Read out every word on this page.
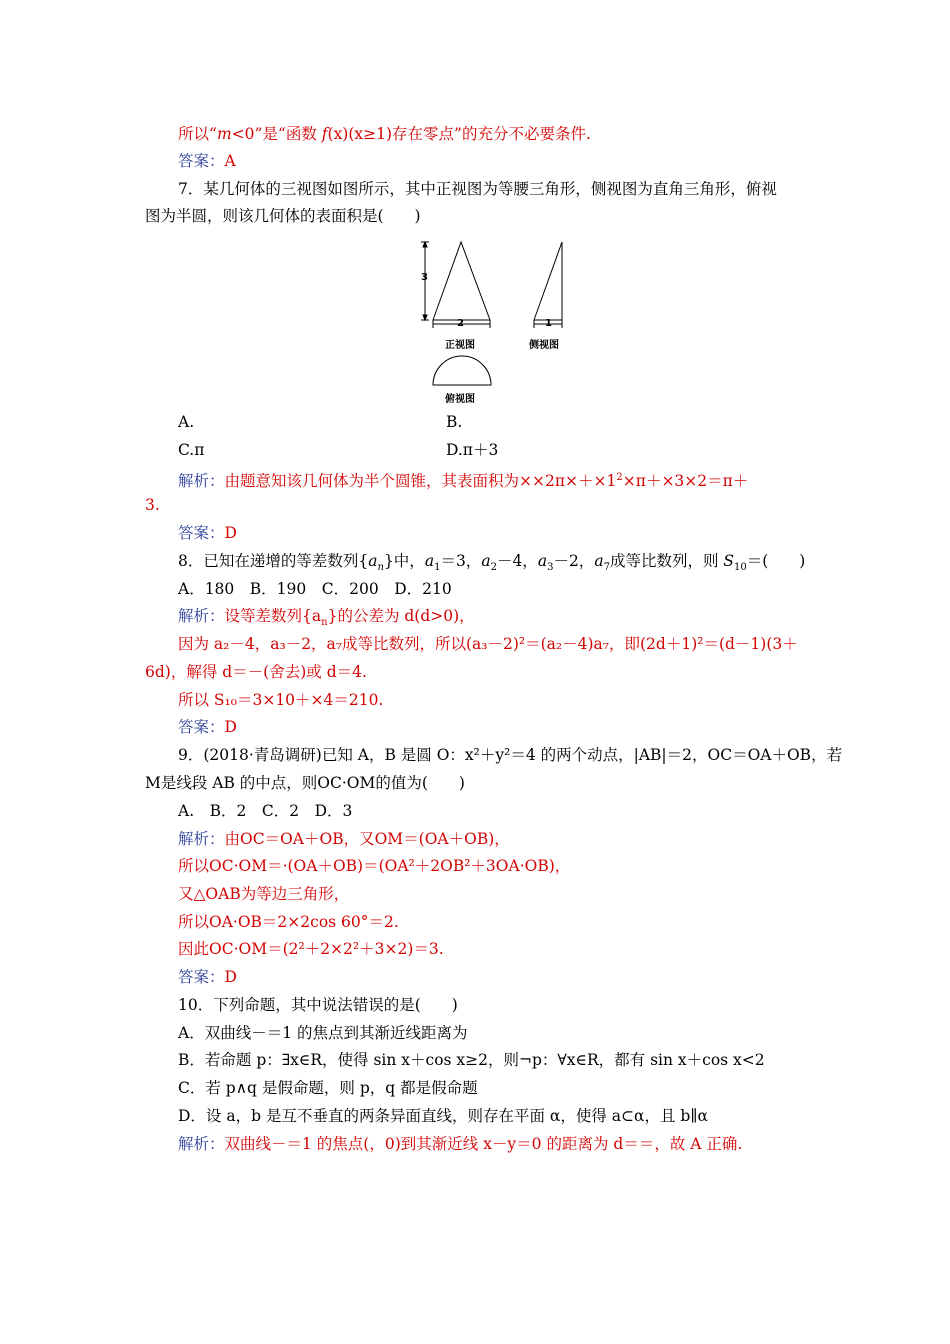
所以“m<0”是“函数 f(x)(x≥1)存在零点”的充分不必要条件.
答案：A
7．某几何体的三视图如图所示，其中正视图为等腰三角形，侧视图为直角三角形，俯视
图为半圆，则该几何体的表面积是(　　)
3
2	1
正视图	侧视图
俯视图
A.	B.
C.π	D.π＋3
解析：由题意知该几何体为半个圆锥，其表面积为$\times\times 2\pi\times+\times 1^2\times\pi+\times 3\times 2=\pi+$
3.
答案：D
8．已知在递增的等差数列$\{a_n\}$中，$a_1=3$，$a_2-4$，$a_3-2$，$a_7$成等比数列，则 $S_{10}=$(　　)
A．180　B．190　C．200　D．210
解析：设等差数列$\{a_n\}$的公差为 d(d>0)，
因为 a₂－4，a₃－2，a₇成等比数列，所以(a₃－2)²＝(a₂－4)a₇，即(2d＋1)²＝(d－1)(3＋
6d)，解得 d＝－(舍去)或 d＝4.
所以 S₁₀＝3×10＋×4＝210.
答案：D
9．(2018·青岛调研)已知 A，B 是圆 O：x²＋y²＝4 的两个动点，|AB|＝2，OC＝OA＋OB，若
M是线段 AB 的中点，则OC·OM的值为(　　)
A.　B．2　C．2　D．3
解析：由OC＝OA＋OB，又OM＝(OA＋OB)，
所以OC·OM＝·(OA＋OB)＝(OA²＋2OB²＋3OA·OB)，
又△OAB为等边三角形，
所以OA·OB＝2×2cos 60°＝2.
因此OC·OM＝(2²＋2×2²＋3×2)＝3.
答案：D
10．下列命题，其中说法错误的是(　　)
A．双曲线－＝1 的焦点到其渐近线距离为
B．若命题 p：∃x∈R，使得 sin x＋cos x≥2，则¬p：∀x∈R，都有 sin x＋cos x<2
C．若 p∧q 是假命题，则 p，q 都是假命题
D．设 a，b 是互不垂直的两条异面直线，则存在平面 α，使得 a⊂α，且 b∥α
解析：双曲线－＝1 的焦点(，0)到其渐近线 x－y＝0 的距离为 d＝＝，故 A 正确.
